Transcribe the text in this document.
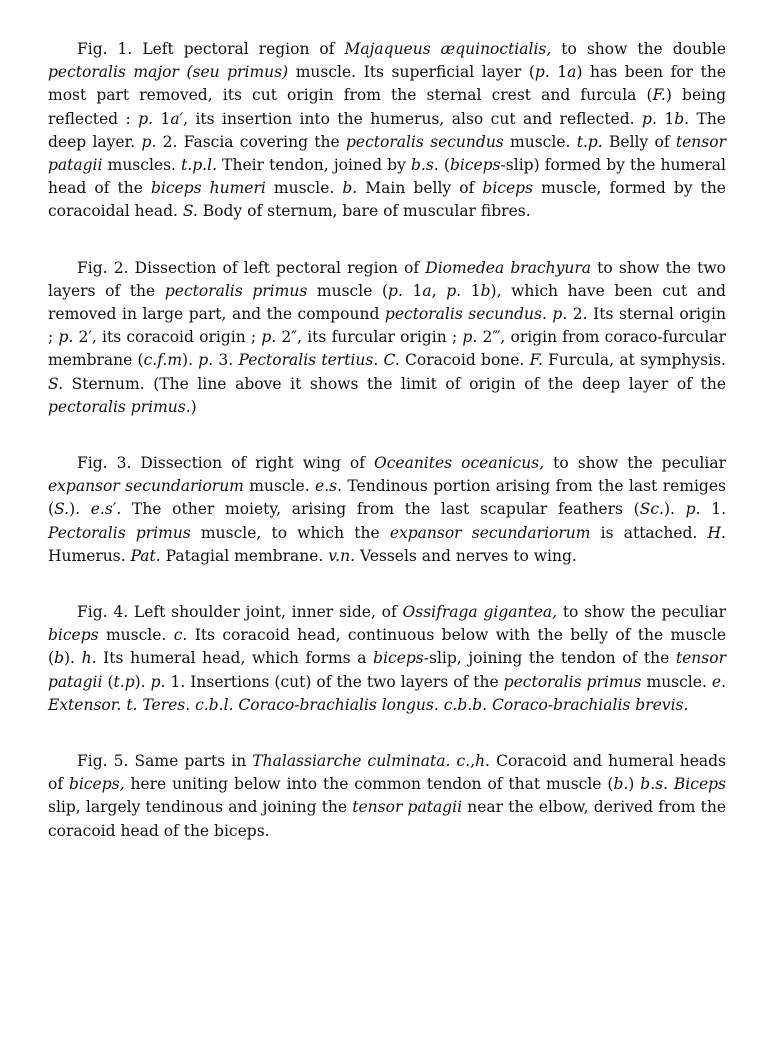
Fig. 1. Left pectoral region of Majaqueus æquinoctialis, to show the double pectoralis major (seu primus) muscle. Its superficial layer (p. 1a) has been for the most part removed, its cut origin from the sternal crest and furcula (F.) being reflected : p. 1a′, its insertion into the humerus, also cut and reflected. p. 1b. The deep layer. p. 2. Fascia covering the pectoralis secundus muscle. t.p. Belly of tensor patagii muscles. t.p.l. Their tendon, joined by b.s. (biceps-slip) formed by the humeral head of the biceps humeri muscle. b. Main belly of biceps muscle, formed by the coracoidal head. S. Body of sternum, bare of muscular fibres.

Fig. 2. Dissection of left pectoral region of Diomedea brachyura to show the two layers of the pectoralis primus muscle (p. 1a, p. 1b), which have been cut and removed in large part, and the compound pectoralis secundus. p. 2. Its sternal origin ; p. 2′, its coracoid origin ; p. 2″, its furcular origin ; p. 2‴, origin from coraco-furcular membrane (c.f.m). p. 3. Pectoralis tertius. C. Coracoid bone. F. Furcula, at symphysis. S. Sternum. (The line above it shows the limit of origin of the deep layer of the pectoralis primus.)

Fig. 3. Dissection of right wing of Oceanites oceanicus, to show the peculiar expansor secundariorum muscle. e.s. Tendinous portion arising from the last remiges (S.). e.s′. The other moiety, arising from the last scapular feathers (Sc.). p. 1. Pectoralis primus muscle, to which the expansor secundariorum is attached. H. Humerus. Pat. Patagial membrane. v.n. Vessels and nerves to wing.

Fig. 4. Left shoulder joint, inner side, of Ossifraga gigantea, to show the peculiar biceps muscle. c. Its coracoid head, continuous below with the belly of the muscle (b). h. Its humeral head, which forms a biceps-slip, joining the tendon of the tensor patagii (t.p). p. 1. Insertions (cut) of the two layers of the pectoralis primus muscle. e. Extensor. t. Teres. c.b.l. Coraco-brachialis longus. c.b.b. Coraco-brachialis brevis.

Fig. 5. Same parts in Thalassiarche culminata. c.,h. Coracoid and humeral heads of biceps, here uniting below into the common tendon of that muscle (b.) b.s. Biceps slip, largely tendinous and joining the tensor patagii near the elbow, derived from the coracoid head of the biceps.
